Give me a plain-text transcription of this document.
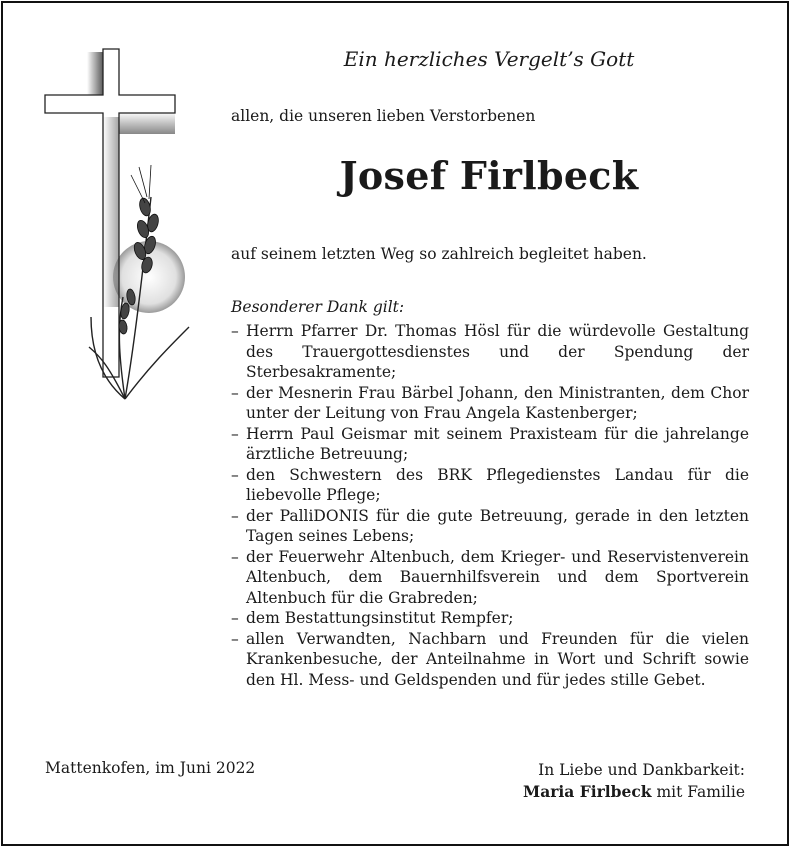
Ein herzliches Vergelt’s Gott
allen, die unseren lieben Verstorbenen
Josef Firlbeck
auf seinem letzten Weg so zahlreich begleitet haben.
Besonderer Dank gilt:
– Herrn Pfarrer Dr. Thomas Hösl für die würdevolle Gestaltung des Trauergottesdienstes und der Spendung der Sterbesakramente;
– der Mesnerin Frau Bärbel Johann, den Ministranten, dem Chor unter der Leitung von Frau Angela Kastenberger;
– Herrn Paul Geismar mit seinem Praxisteam für die jahrelange ärztliche Betreuung;
– den Schwestern des BRK Pflegedienstes Landau für die liebevolle Pflege;
– der PalliDONIS für die gute Betreuung, gerade in den letzten Tagen seines Lebens;
– der Feuerwehr Altenbuch, dem Krieger- und Reservistenverein Altenbuch, dem Bauernhilfsverein und dem Sportverein Altenbuch für die Grabreden;
– dem Bestattungsinstitut Rempfer;
– allen Verwandten, Nachbarn und Freunden für die vielen Krankenbesuche, der Anteilnahme in Wort und Schrift sowie den Hl. Mess- und Geldspenden und für jedes stille Gebet.
Mattenkofen, im Juni 2022	In Liebe und Dankbarkeit:
Maria Firlbeck mit Familie
